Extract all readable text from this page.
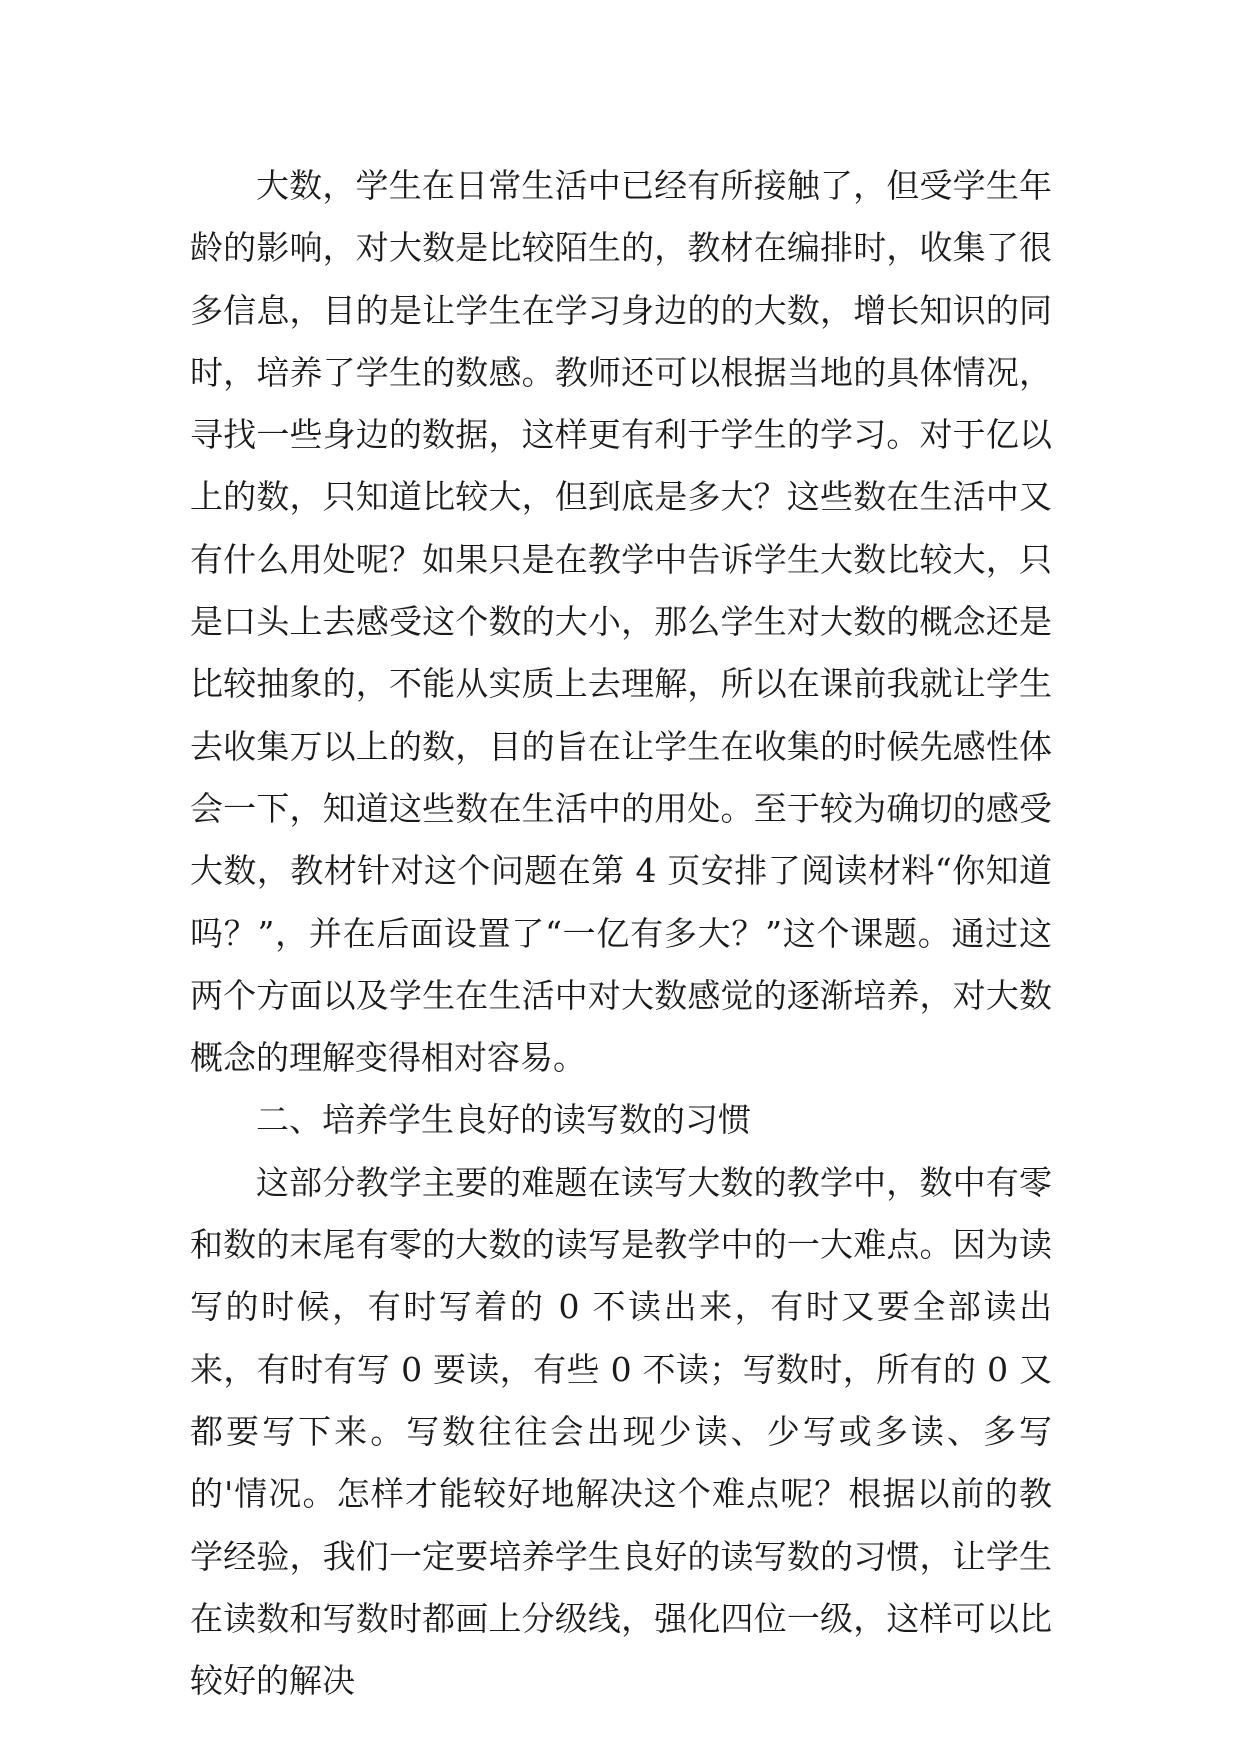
大数，学生在日常生活中已经有所接触了，但受学生年龄的影响，对大数是比较陌生的，教材在编排时，收集了很多信息，目的是让学生在学习身边的的大数，增长知识的同时，培养了学生的数感。教师还可以根据当地的具体情况，寻找一些身边的数据，这样更有利于学生的学习。对于亿以上的数，只知道比较大，但到底是多大？这些数在生活中又有什么用处呢？如果只是在教学中告诉学生大数比较大，只是口头上去感受这个数的大小，那么学生对大数的概念还是比较抽象的，不能从实质上去理解，所以在课前我就让学生去收集万以上的数，目的旨在让学生在收集的时候先感性体会一下，知道这些数在生活中的用处。至于较为确切的感受大数，教材针对这个问题在第 4 页安排了阅读材料“你知道吗？”，并在后面设置了“一亿有多大？”这个课题。通过这两个方面以及学生在生活中对大数感觉的逐渐培养，对大数概念的理解变得相对容易。

二、培养学生良好的读写数的习惯

这部分教学主要的难题在读写大数的教学中，数中有零和数的末尾有零的大数的读写是教学中的一大难点。因为读写的时候，有时写着的 0 不读出来，有时又要全部读出来，有时有写 0 要读，有些 0 不读；写数时，所有的 0 又都要写下来。写数往往会出现少读、少写或多读、多写的'情况。怎样才能较好地解决这个难点呢？根据以前的教学经验，我们一定要培养学生良好的读写数的习惯，让学生在读数和写数时都画上分级线，强化四位一级，这样可以比较好的解决
